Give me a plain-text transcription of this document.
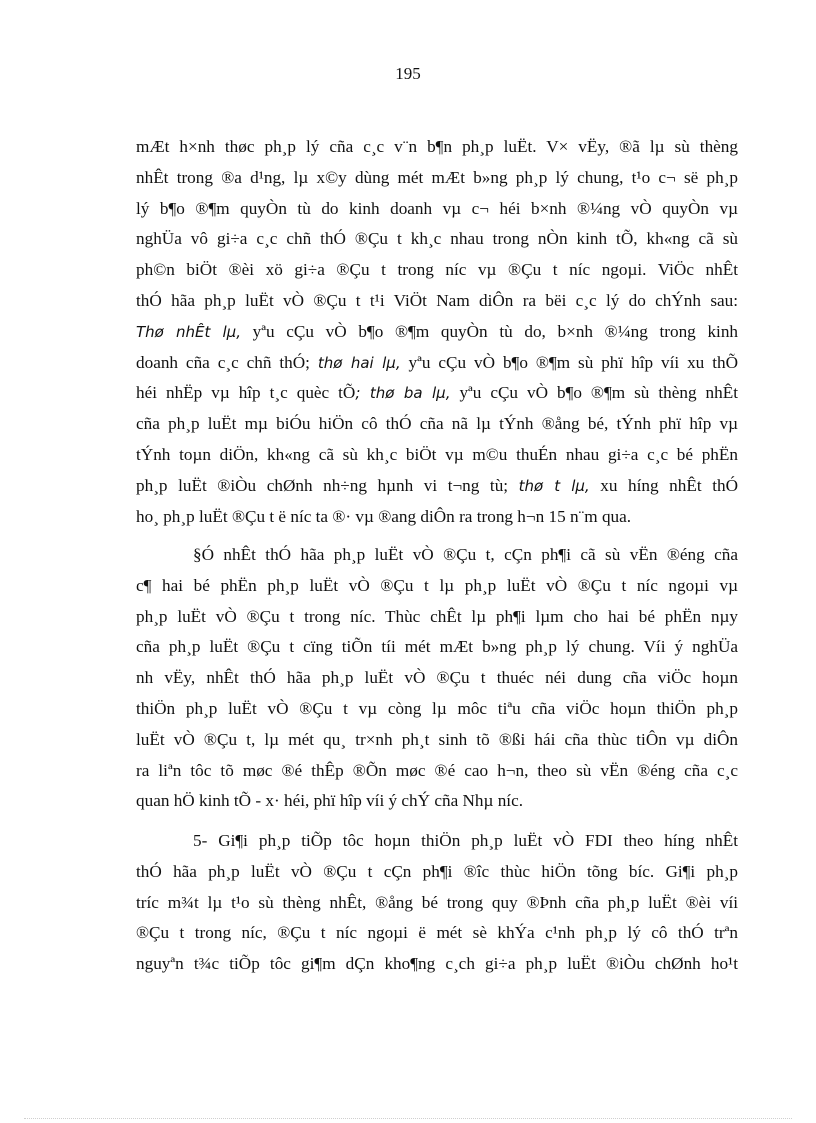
195
mÆt h×nh thøc ph¸p lý cña c¸c v¨n b¶n ph¸p luËt. V× vËy, ®ã lµ sù thèng
nhÊt trong ®a d¹ng, lµ x©y dùng mét mÆt b»ng ph¸p lý chung, t¹o c¬ së ph¸p
lý b¶o ®¶m quyÒn tù do kinh doanh vµ c¬ héi b×nh ®¼ng vÒ quyÒn vµ
nghÜa vô gi÷a c¸c chñ thÓ ®Çu t kh¸c nhau trong nÒn kinh tÕ, kh«ng cã sù
ph©n biÖt ®èi xö gi÷a ®Çu t trong níc vµ ®Çu t níc ngoµi. ViÖc nhÊt
thÓ hãa ph¸p luËt vÒ ®Çu t t¹i ViÖt Nam diÔn ra bëi c¸c lý do chÝnh sau:
Thø nhÊt lµ, yªu cÇu vÒ b¶o ®¶m quyÒn tù do, b×nh ®¼ng trong kinh
doanh cña c¸c chñ thÓ; thø hai lµ, yªu cÇu vÒ b¶o ®¶m sù phï hîp víi xu thÕ
héi nhËp vµ hîp t¸c quèc tÕ; thø ba lµ, yªu cÇu vÒ b¶o ®¶m sù thèng nhÊt
cña ph¸p luËt mµ biÓu hiÖn cô thÓ cña nã lµ tÝnh ®ång bé, tÝnh phï hîp vµ
tÝnh toµn diÖn, kh«ng cã sù kh¸c biÖt vµ m©u thuÉn nhau gi÷a c¸c bé phËn
ph¸p luËt ®iÒu chØnh nh÷ng hµnh vi t¬ng tù; thø t lµ, xu híng nhÊt thÓ
ho¸ ph¸p luËt ®Çu t ë níc ta ®· vµ ®ang diÔn ra trong h¬n 15 n¨m qua.
§Ó nhÊt thÓ hãa ph¸p luËt vÒ ®Çu t, cÇn ph¶i cã sù vËn ®éng cña
c¶ hai bé phËn ph¸p luËt vÒ ®Çu t lµ ph¸p luËt vÒ ®Çu t níc ngoµi vµ
ph¸p luËt vÒ ®Çu t trong níc. Thùc chÊt lµ ph¶i lµm cho hai bé phËn nµy
cña ph¸p luËt ®Çu t cïng tiÕn tíi mét mÆt b»ng ph¸p lý chung. Víi ý nghÜa
nh vËy, nhÊt thÓ hãa ph¸p luËt vÒ ®Çu t thuéc néi dung cña viÖc hoµn
thiÖn ph¸p luËt vÒ ®Çu t vµ còng lµ môc tiªu cña viÖc hoµn thiÖn ph¸p
luËt vÒ ®Çu t, lµ mét qu¸ tr×nh ph¸t sinh tõ ®ßi hái cña thùc tiÔn vµ diÔn
ra liªn tôc tõ møc ®é thÊp ®Õn møc ®é cao h¬n, theo sù vËn ®éng cña c¸c
quan hÖ kinh tÕ - x· héi, phï hîp víi ý chÝ cña Nhµ níc.
5- Gi¶i ph¸p tiÕp tôc hoµn thiÖn ph¸p luËt vÒ FDI theo híng nhÊt
thÓ hãa ph¸p luËt vÒ ®Çu t cÇn ph¶i ®îc thùc hiÖn tõng bíc. Gi¶i ph¸p
tríc m¾t lµ t¹o sù thèng nhÊt, ®ång bé trong quy ®Þnh cña ph¸p luËt ®èi víi
®Çu t trong níc, ®Çu t níc ngoµi ë mét sè khÝa c¹nh ph¸p lý cô thÓ trªn
nguyªn t¾c tiÕp tôc gi¶m dÇn kho¶ng c¸ch gi÷a ph¸p luËt ®iÒu chØnh ho¹t
